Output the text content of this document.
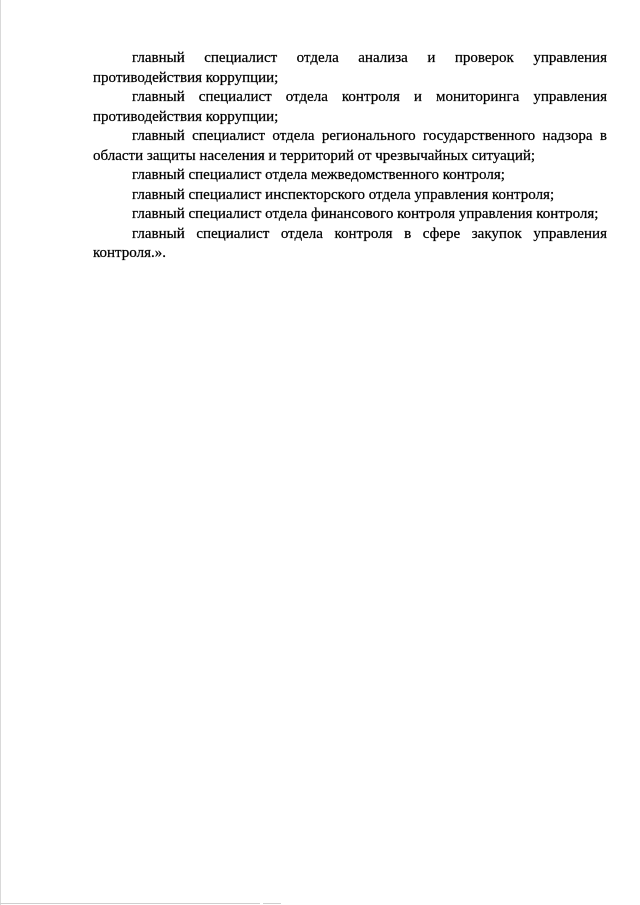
главный специалист отдела анализа и проверок управления противодействия коррупции;

главный специалист отдела контроля и мониторинга управления противодействия коррупции;

главный специалист отдела регионального государственного надзора в области защиты населения и территорий от чрезвычайных ситуаций;

главный специалист отдела межведомственного контроля;

главный специалист инспекторского отдела управления контроля;

главный специалист отдела финансового контроля управления контроля;

главный специалист отдела контроля в сфере закупок управления контроля.».
